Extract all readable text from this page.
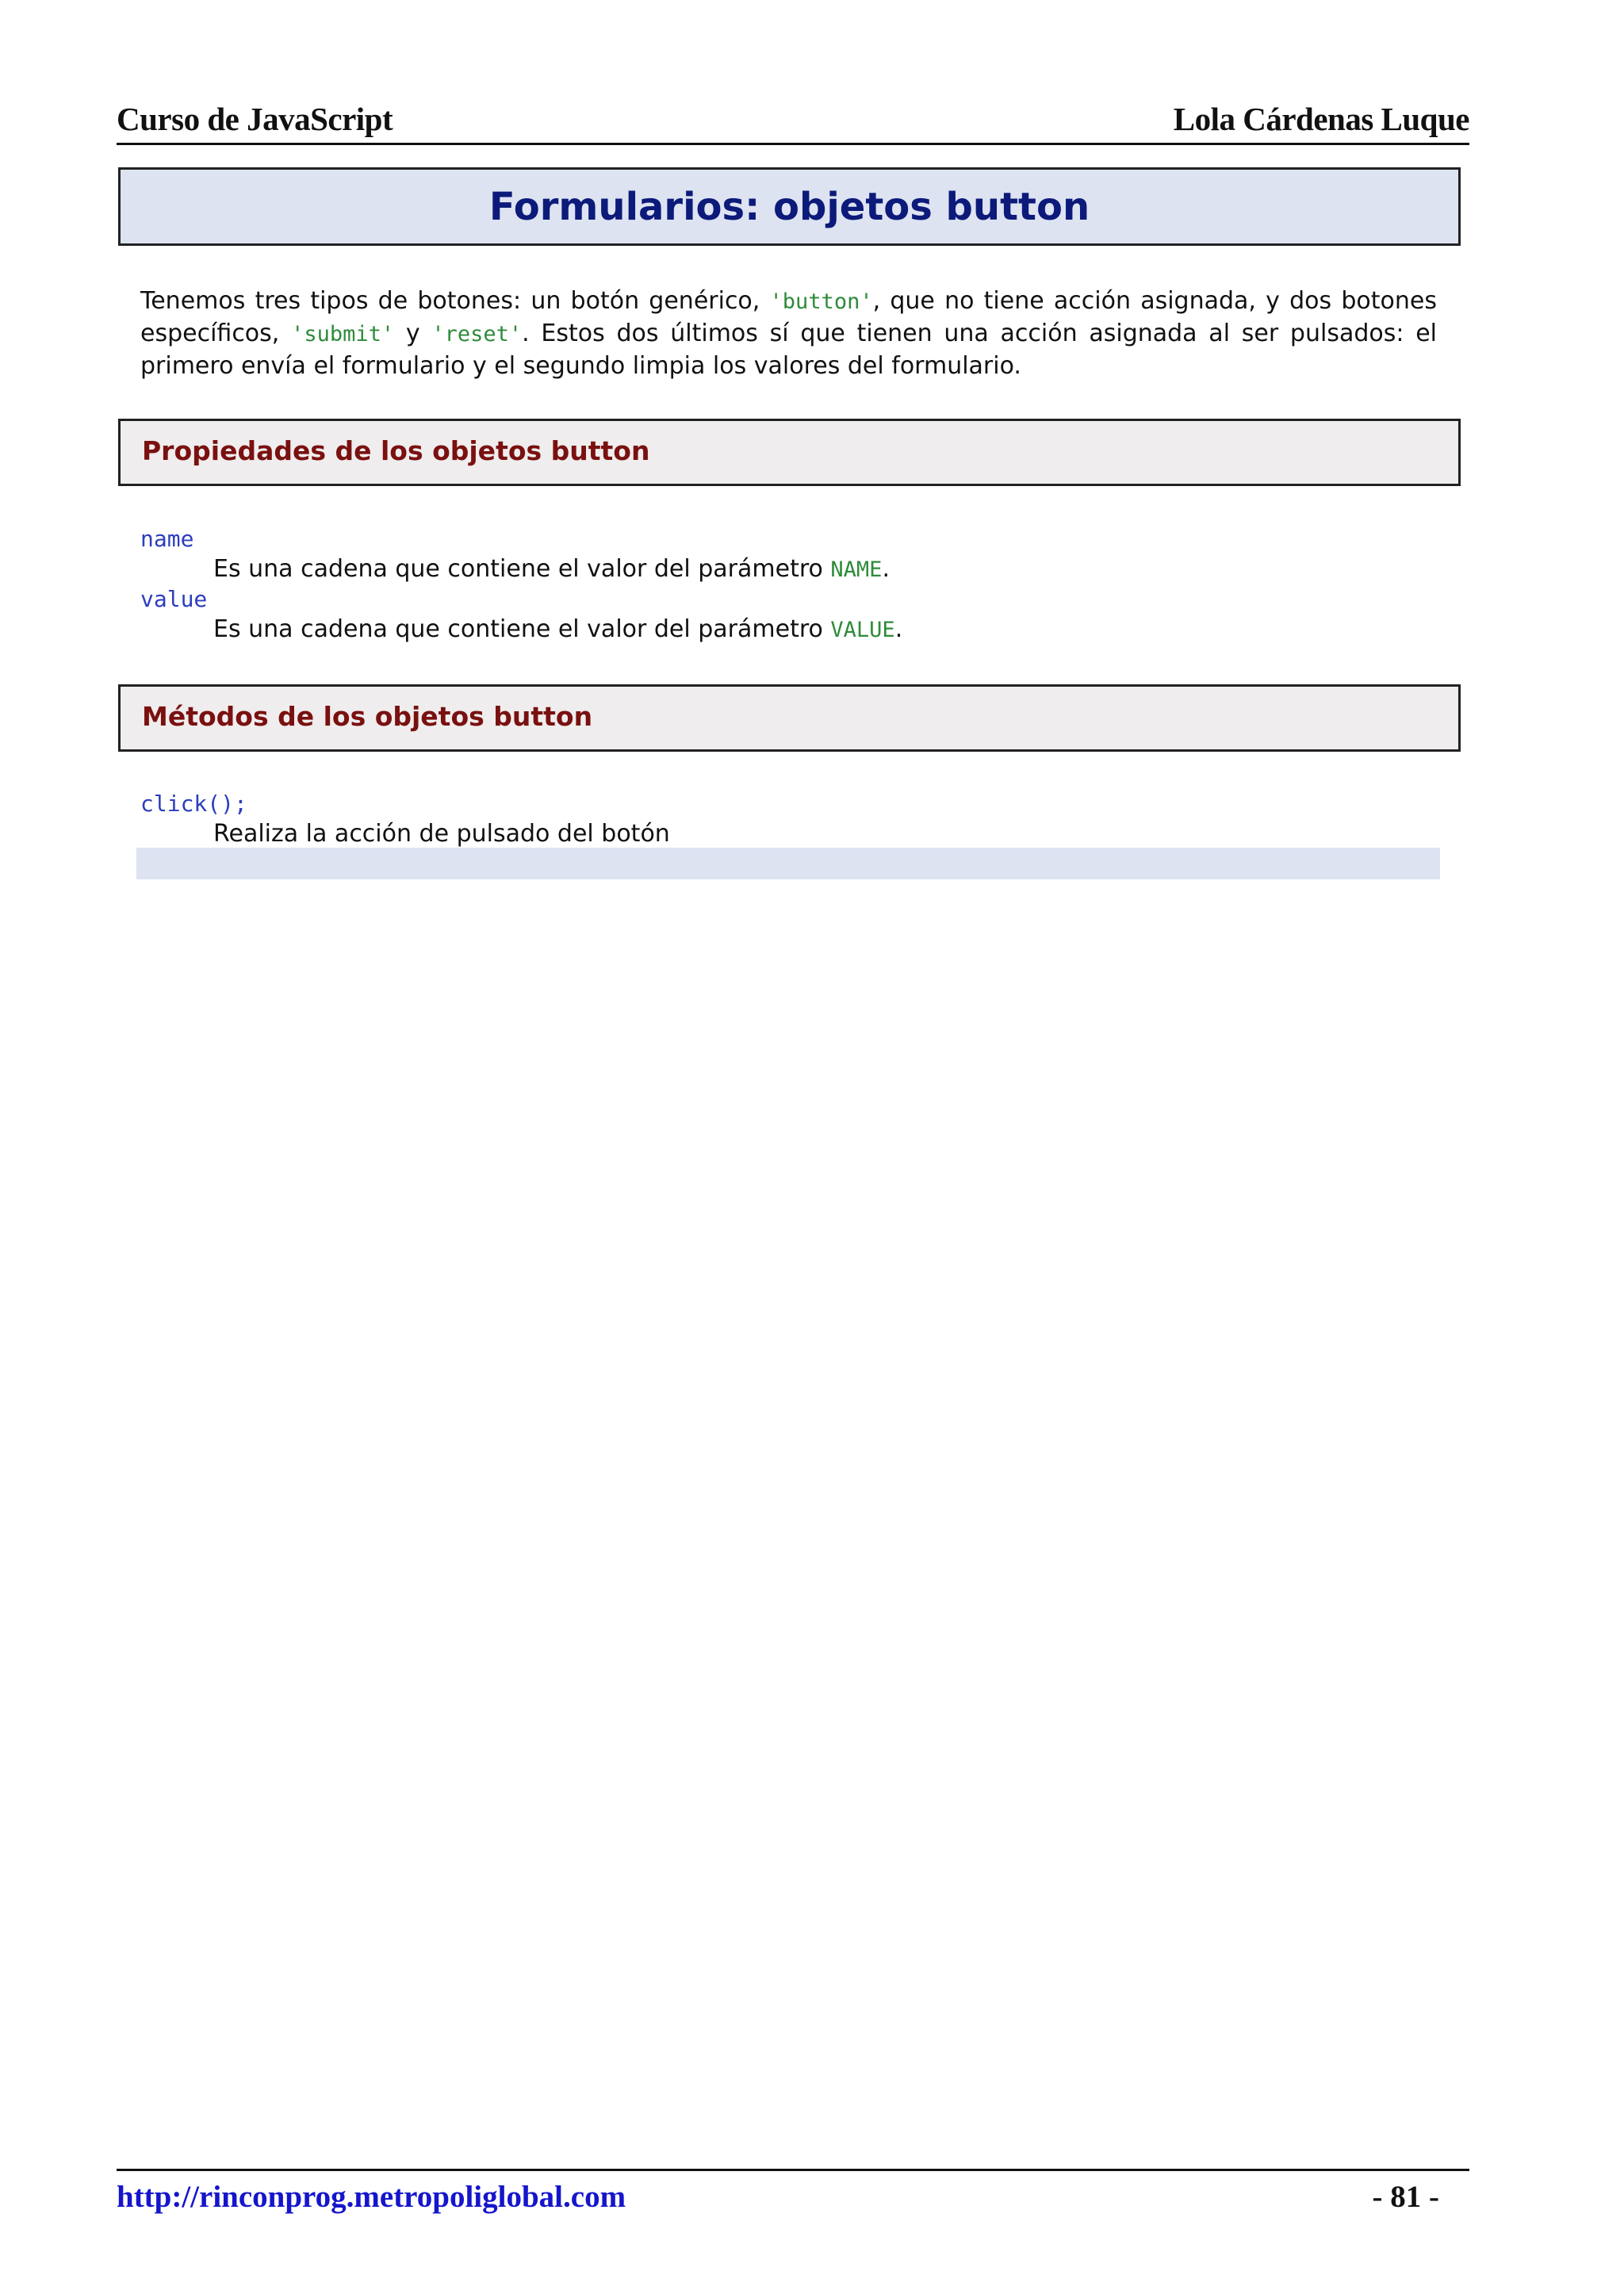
Curso de JavaScript	Lola Cárdenas Luque
Formularios: objetos button

Tenemos tres tipos de botones: un botón genérico, 'button', que no tiene acción asignada, y dos botones específicos, 'submit' y 'reset'. Estos dos últimos sí que tienen una acción asignada al ser pulsados: el primero envía el formulario y el segundo limpia los valores del formulario.

Propiedades de los objetos button
name
Es una cadena que contiene el valor del parámetro NAME.
value
Es una cadena que contiene el valor del parámetro VALUE.
Métodos de los objetos button
click();
Realiza la acción de pulsado del botón
http://rinconprog.metropoliglobal.com	- 81 -
